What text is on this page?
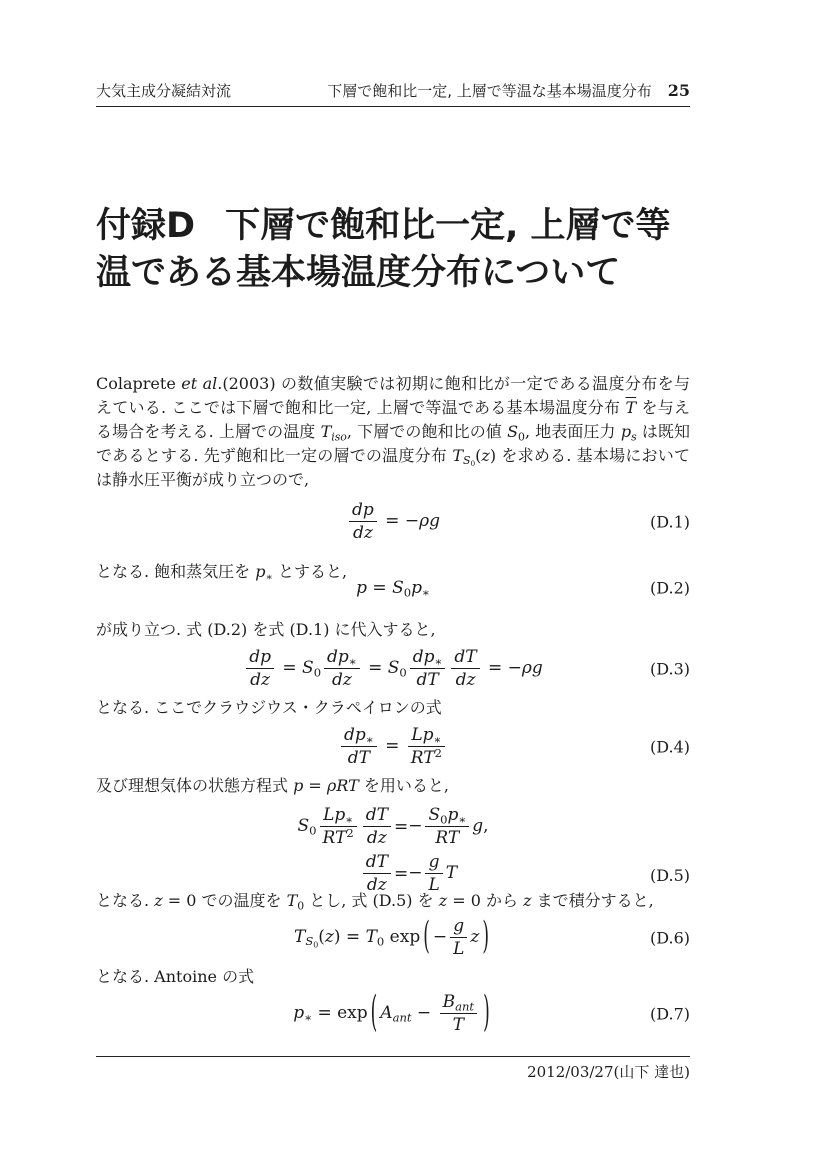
大気主成分凝結対流	下層で飽和比一定, 上層で等温な基本場温度分布 25
付録D 下層で飽和比一定, 上層で等
温である基本場温度分布について

Colaprete et al.(2003) の数値実験では初期に飽和比が一定である温度分布を与えている. ここでは下層で飽和比一定, 上層で等温である基本場温度分布 $\overline{T}$ を与える場合を考える. 上層での温度 $T_{iso}$, 下層での飽和比の値 $S_0$, 地表面圧力 $p_s$ は既知であるとする. 先ず飽和比一定の層での温度分布 $T_{S_0}(z)$ を求める. 基本場においては静水圧平衡が成り立つので,

$\frac{dp}{dz} = -\rho g$	(D.1)

となる. 飽和蒸気圧を $p_∗$ とすると,

$p = S_0p_∗$	(D.2)

が成り立つ. 式 (D.2) を式 (D.1) に代入すると,

$\frac{dp}{dz} = S_0 \frac{dp_∗}{dz} = S_0 \frac{dp_∗}{dT} \frac{dT}{dz} = -\rho g$	(D.3)

となる. ここでクラウジウス・クラペイロンの式

$\frac{dp_∗}{dT} = \frac{Lp_∗}{RT^2}$	(D.4)

及び理想気体の状態方程式 p = ρRT を用いると,

$S_0 \frac{Lp_∗}{RT^2} \frac{dT}{dz}$	=	− $\frac{S_0p_∗}{RT} g$,

$\frac{dT}{dz}$	=	− $\frac{g}{L}$ T	(D.5)

となる. z = 0 での温度を $T_0$ とし, 式 (D.5) を z = 0 から z まで積分すると,

$T_{S_0}(z) = T_0$ exp ( − $\frac{g}{L}$ z )	(D.6)

となる. Antoine の式

$p_∗ = \exp$ ( $A_{ant} - \frac{B_{ant}}{T}$ )	(D.7)
2012/03/27(山下 達也)
